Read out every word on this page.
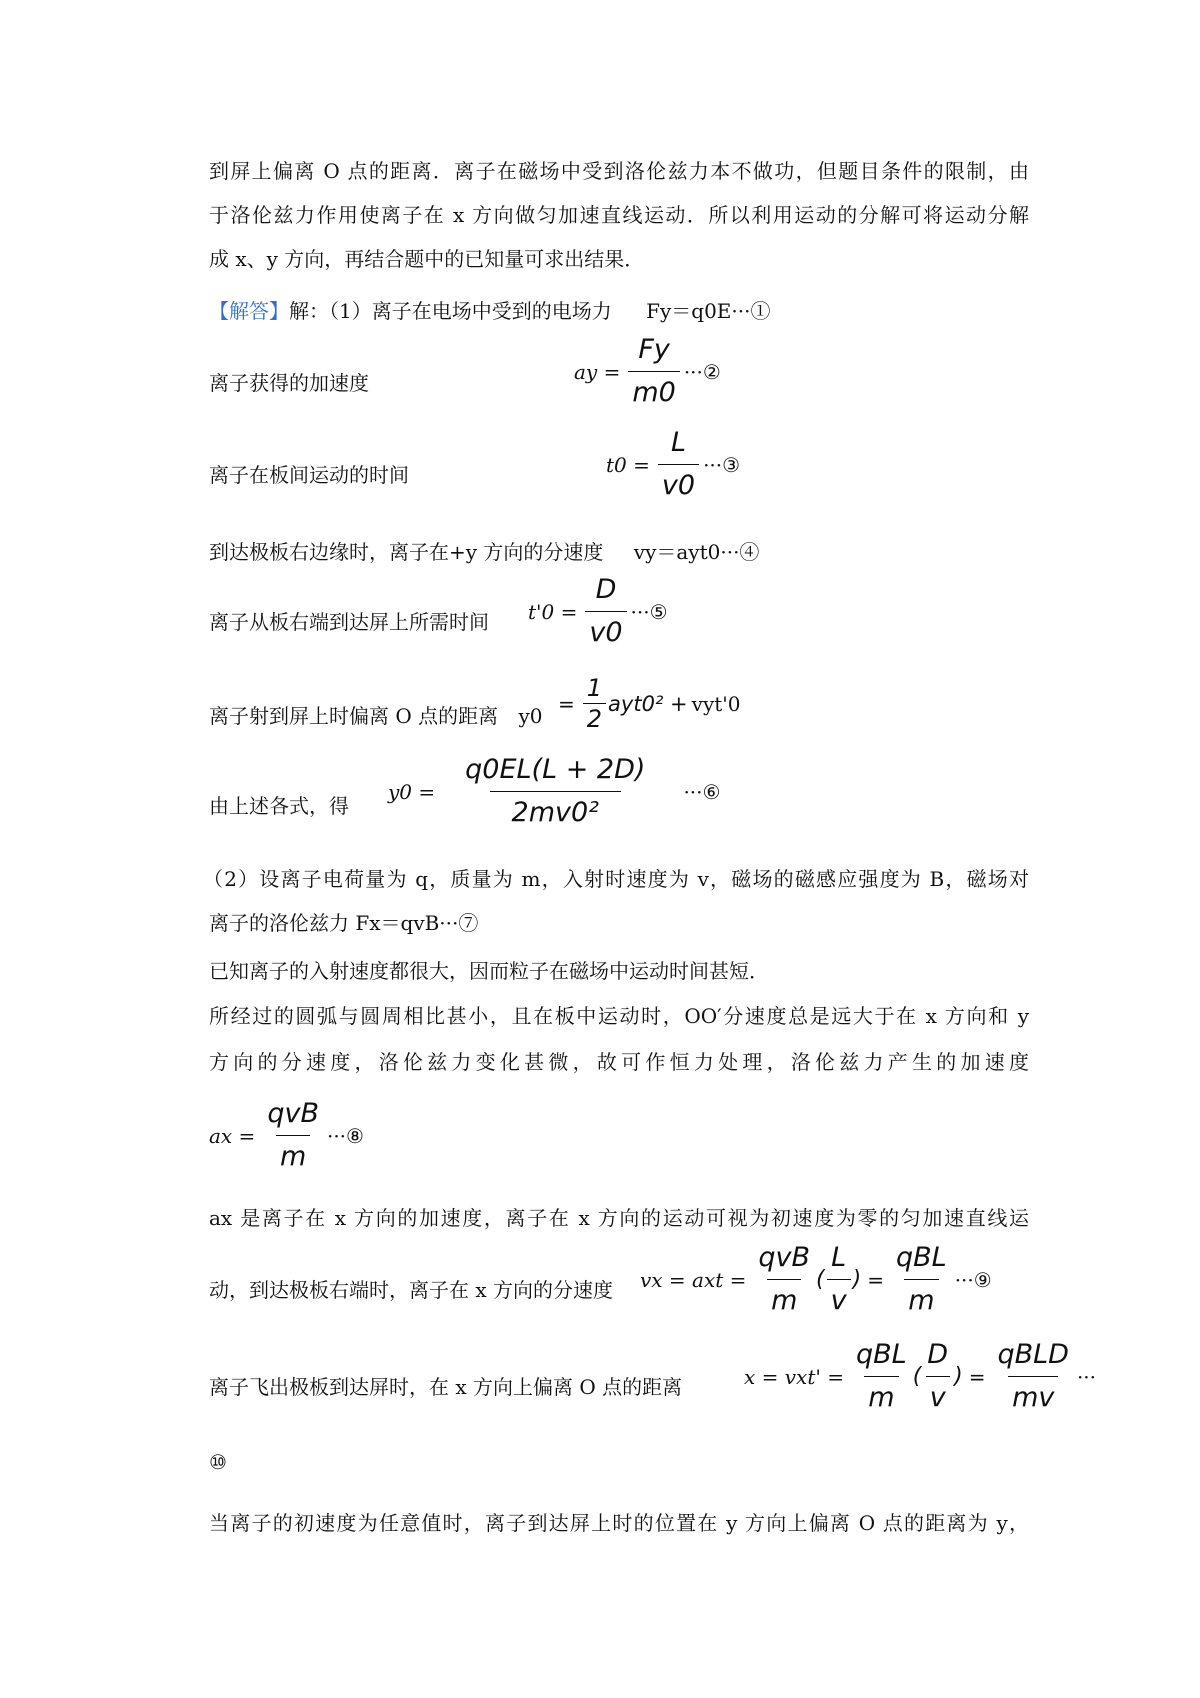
到屏上偏离 O 点的距离．离子在磁场中受到洛伦兹力本不做功，但题目条件的限制，由
于洛伦兹力作用使离子在 x 方向做匀加速直线运动．所以利用运动的分解可将运动分解
成 x、y 方向，再结合题中的已知量可求出结果．
【解答】解：（1）离子在电场中受到的电场力 Fy＝q0E···①
离子获得的加速度	ay = $\frac{Fy}{m0}$ ···②
离子在板间运动的时间	$t0 = \frac{L}{v0}$ ···③
到达极板右边缘时，离子在+y 方向的分速度 vy＝ayt0···④
离子从板右端到达屏上所需时间	$t'0 = \frac{D}{v0}$ ···⑤
离子射到屏上时偏离 O 点的距离 y0
= $\frac{1}{2} ayt0^2 + vyt'0$
由上述各式，得
$y0 = \frac{q0EL(L + 2D)}{\text{2mv0²}}$ ···⑥
（2）设离子电荷量为 q，质量为 m，入射时速度为 v，磁场的磁感应强度为 B，磁场对
离子的洛伦兹力 Fx＝qvB···⑦
已知离子的入射速度都很大，因而粒子在磁场中运动时间甚短．
所经过的圆弧与圆周相比甚小，且在板中运动时，OO′分速度总是远大于在 x 方向和 y
方向的分速度，洛伦兹力变化甚微，故可作恒力处理，洛伦兹力产生的加速度
ax = $\frac{\text{qvB}}{m}$ ···⑧
ax 是离子在 x 方向的加速度，离子在 x 方向的运动可视为初速度为零的匀加速直线运
动，到达极板右端时，离子在 x 方向的分速度	vx = axt = $\frac{\text{qvB}}{m}$ ( $\frac{L}{v}$ ) = $\frac{\text{qBL}}{m}$ ···⑨
离子飞出极板到达屏时，在 x 方向上偏离 O 点的距离	$x = vxt' = \frac{\text{qBL}}{m}$ ( $\frac{D}{v}$ ) = $\frac{\text{qBLD}}{mv}$ ···
⑩
当离子的初速度为任意值时，离子到达屏上时的位置在 y 方向上偏离 O 点的距离为 y，
